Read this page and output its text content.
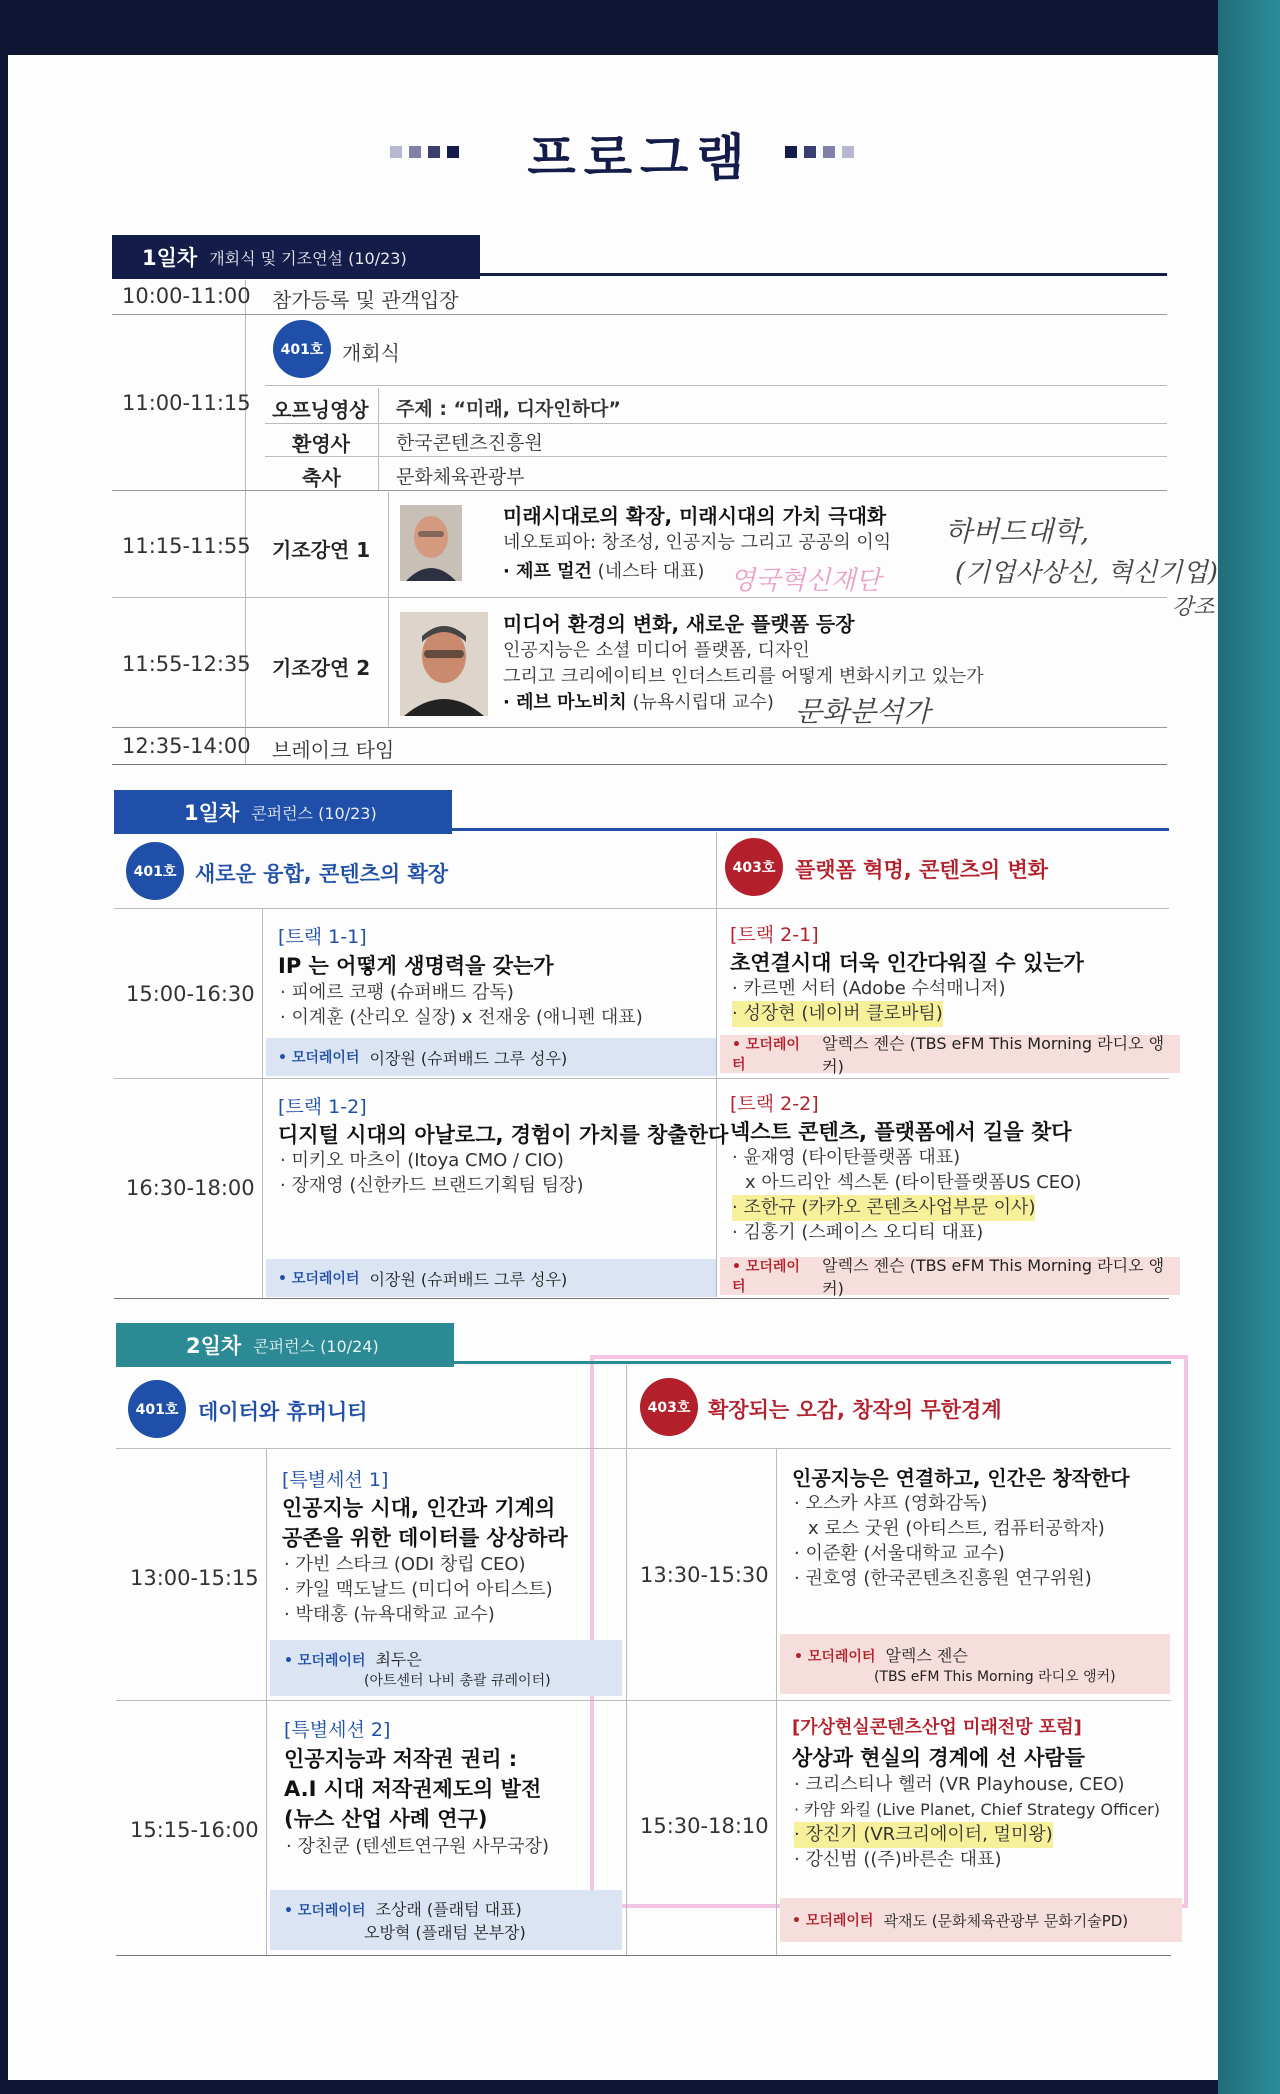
프로그램
1일차 개회식 및 기조연설 (10/23)
10:00-11:00 참가등록 및 관객입장
401호 개회식
11:00-11:15 오프닝영상 주제 : “미래, 디자인하다”
환영사 한국콘텐츠진흥원
축사	문화체육관광부
11:15-11:55 기조강연 1
미래시대로의 확장, 미래시대의 가치 극대화
네오토피아: 창조성, 인공지능 그리고 공공의 이익
· 제프 멀건 (네스타 대표)
11:55-12:35 기조강연 2
미디어 환경의 변화, 새로운 플랫폼 등장
인공지능은 소셜 미디어 플랫폼, 디자인
그리고 크리에이티브 인더스트리를 어떻게 변화시키고 있는가
· 레브 마노비치 (뉴욕시립대 교수)
12:35-14:00 브레이크 타임
하버드대학,
(기업사상신, 혁신기업)
강조
영국혁신재단
문화분석가
1일차 콘퍼런스 (10/23)
401호 새로운 융합, 콘텐츠의 확장	403호 플랫폼 혁명, 콘텐츠의 변화
15:00-16:30
[트랙 1-1]
IP 는 어떻게 생명력을 갖는가
· 피에르 코팽 (슈퍼배드 감독)
· 이계훈 (산리오 실장) x 전재웅 (애니펜 대표)
• 모더레이터 이장원 (슈퍼배드 그루 성우)
[트랙 2-1]
초연결시대 더욱 인간다워질 수 있는가
· 카르멘 서터 (Adobe 수석매니저)
· 성장현 (네이버 클로바팀)
• 모더레이터
알렉스 젠슨 (TBS eFM This Morning 라디오 앵커)
16:30-18:00
[트랙 1-2]
디지털 시대의 아날로그, 경험이 가치를 창출한다
· 미키오 마츠이 (Itoya CMO / CIO)
· 장재영 (신한카드 브랜드기획팀 팀장)
• 모더레이터 이장원 (슈퍼배드 그루 성우)
[트랙 2-2]
넥스트 콘텐츠, 플랫폼에서 길을 찾다
· 윤재영 (타이탄플랫폼 대표)
x 아드리안 섹스톤 (타이탄플랫폼US CEO)
· 조한규 (카카오 콘텐츠사업부문 이사)
· 김홍기 (스페이스 오디티 대표)
• 모더레이터
알렉스 젠슨 (TBS eFM This Morning 라디오 앵커)
2일차 콘퍼런스 (10/24)
401호 데이터와 휴머니티	403호 확장되는 오감, 창작의 무한경계
13:00-15:15
[특별세션 1]
인공지능 시대, 인간과 기계의
공존을 위한 데이터를 상상하라
· 가빈 스타크 (ODI 창립 CEO)
· 카일 맥도날드 (미디어 아티스트)
· 박태홍 (뉴욕대학교 교수)
• 모더레이터 최두은
(아트센터 나비 총괄 큐레이터)
13:30-15:30
인공지능은 연결하고, 인간은 창작한다
· 오스카 샤프 (영화감독)
x 로스 굿윈 (아티스트, 컴퓨터공학자)
· 이준환 (서울대학교 교수)
· 권호영 (한국콘텐츠진흥원 연구위원)
• 모더레이터 알렉스 젠슨
(TBS eFM This Morning 라디오 앵커)
15:15-16:00
[특별세션 2]
인공지능과 저작권 권리 :
A.I 시대 저작권제도의 발전
(뉴스 산업 사례 연구)
· 장친쿤 (텐센트연구원 사무국장)
• 모더레이터 조상래 (플래텀 대표)
오방혁 (플래텀 본부장)
15:30-18:10
[가상현실콘텐츠산업 미래전망 포럼]
상상과 현실의 경계에 선 사람들
· 크리스티나 헬러 (VR Playhouse, CEO)
· 카얌 와킬 (Live Planet, Chief Strategy Officer)
· 장진기 (VR크리에이터, 멀미왕)
· 강신범 ((주)바른손 대표)
• 모더레이터 곽재도 (문화체육관광부 문화기술PD)
